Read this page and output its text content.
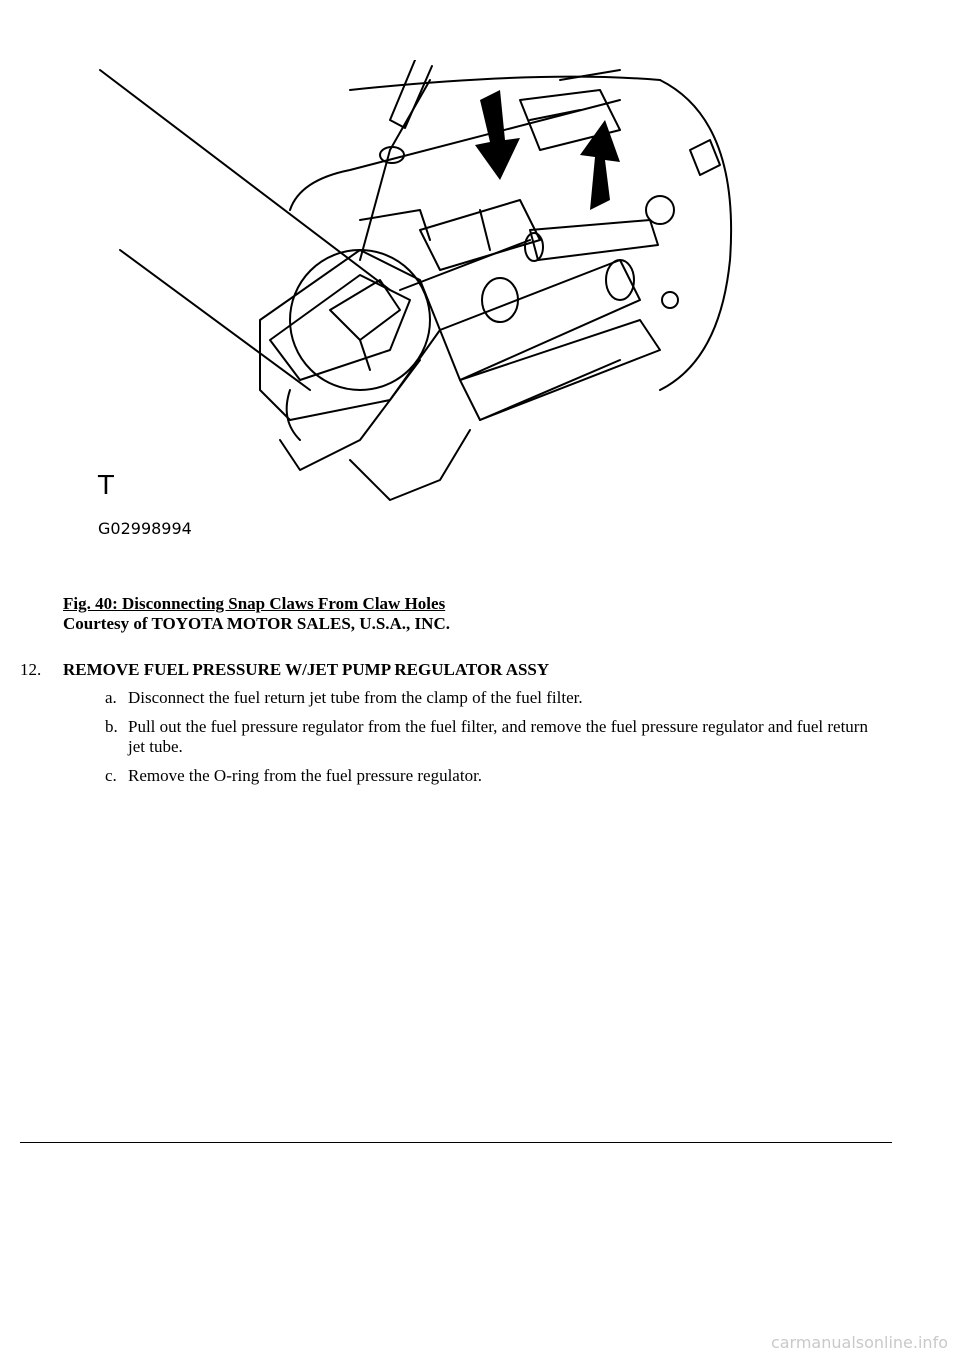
T
G02998994
Fig. 40: Disconnecting Snap Claws From Claw Holes
Courtesy of TOYOTA MOTOR SALES, U.S.A., INC.
12. REMOVE FUEL PRESSURE W/JET PUMP REGULATOR ASSY
a. Disconnect the fuel return jet tube from the clamp of the fuel filter.
b. Pull out the fuel pressure regulator from the fuel filter, and remove the fuel pressure regulator and fuel return jet tube.
c. Remove the O-ring from the fuel pressure regulator.
carmanualsonline.info
